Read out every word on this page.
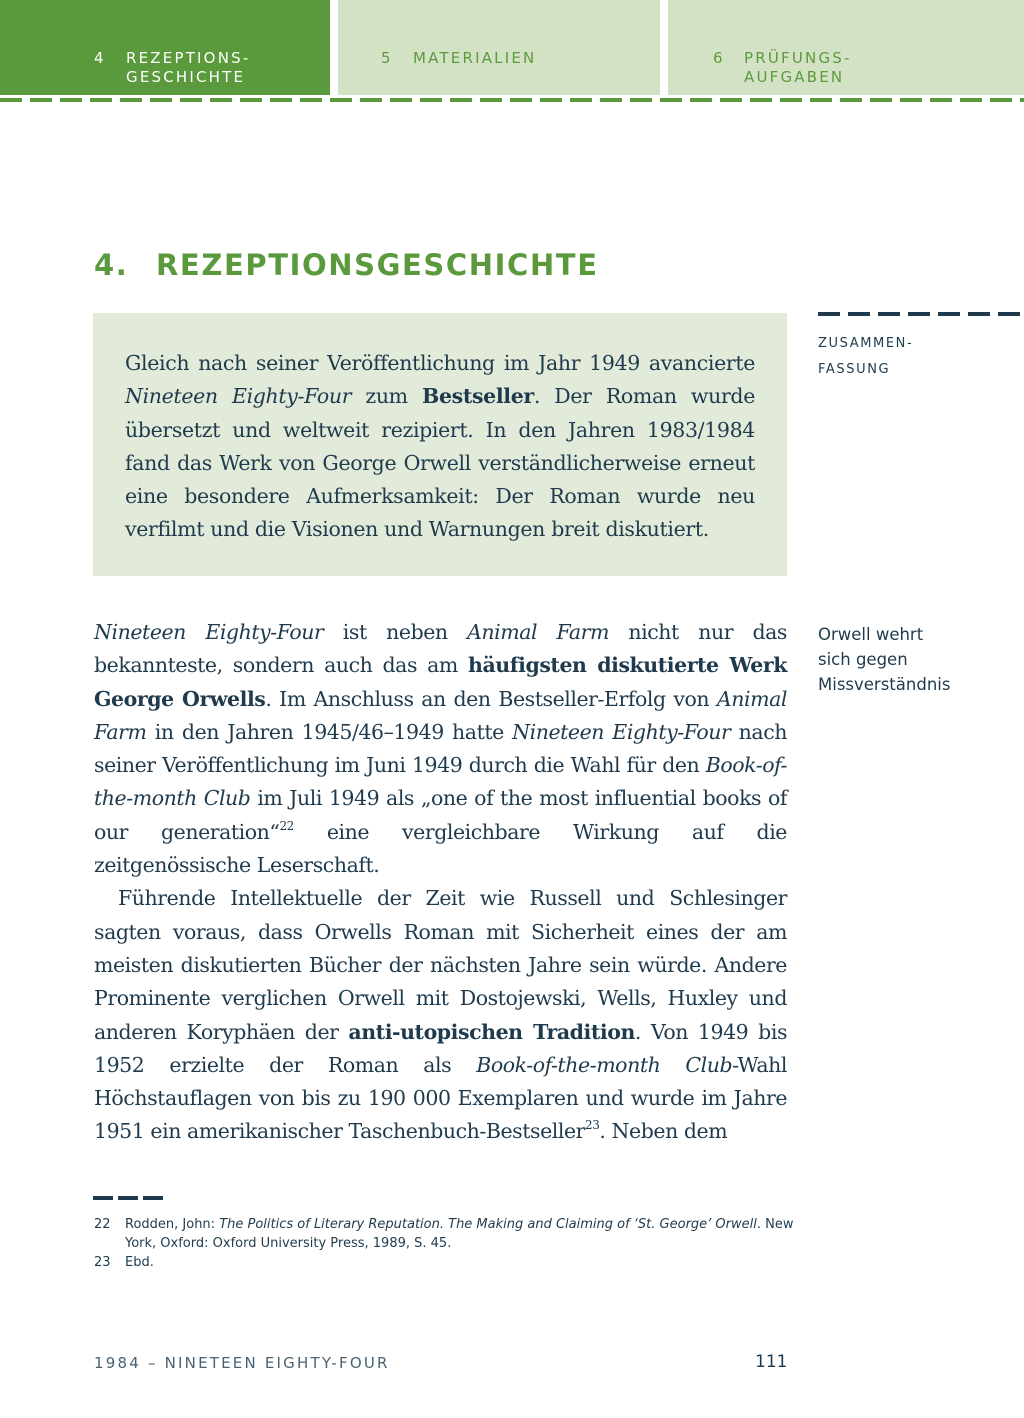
4 REZEPTIONS-
GESCHICHTE
5 MATERIALIEN	6 PRÜFUNGS-
AUFGABEN
4. REZEPTIONSGESCHICHTE

Gleich nach seiner Veröffentlichung im Jahr 1949 avancierte Nineteen Eighty-Four zum Bestseller. Der Roman wurde übersetzt und weltweit rezipiert. In den Jahren 1983/1984 fand das Werk von George Orwell verständlicherweise erneut eine besondere Aufmerksamkeit: Der Roman wurde neu verfilmt und die Visionen und Warnungen breit diskutiert.

ZUSAMMEN-
FASSUNG
Orwell wehrt
sich gegen
Missverständnis

Nineteen Eighty-Four ist neben Animal Farm nicht nur das bekannteste, sondern auch das am häufigsten diskutierte Werk George Orwells. Im Anschluss an den Bestseller-Erfolg von Animal Farm in den Jahren 1945/46–1949 hatte Nineteen Eighty-Four nach seiner Veröffentlichung im Juni 1949 durch die Wahl für den Book-of-the-month Club im Juli 1949 als „one of the most influential books of our generation“$^{22}$ eine vergleichbare Wirkung auf die zeitgenössische Leserschaft.

Führende Intellektuelle der Zeit wie Russell und Schlesinger sagten voraus, dass Orwells Roman mit Sicherheit eines der am meisten diskutierten Bücher der nächsten Jahre sein würde. Andere Prominente verglichen Orwell mit Dostojewski, Wells, Huxley und anderen Koryphäen der anti-utopischen Tradition. Von 1949 bis 1952 erzielte der Roman als Book-of-the-month Club-Wahl Höchstauflagen von bis zu 190 000 Exemplaren und wurde im Jahre 1951 ein amerikanischer Taschenbuch-Bestseller$^{23}$. Neben dem

22 Rodden, John: The Politics of Literary Reputation. The Making and Claiming of ‘St. George’ Orwell. New York, Oxford: Oxford University Press, 1989, S. 45.
23 Ebd.
1984 – NINETEEN EIGHTY-FOUR	111
